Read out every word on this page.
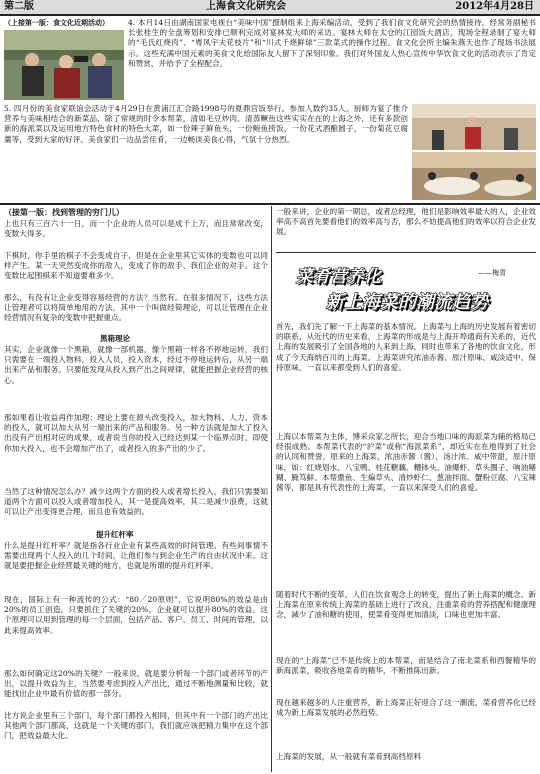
第二版	上海食文化研究会	2012年4月28日
（上接第一版：食文化近期活动）	4. 本月14日由湖南国家电视台“美味中国”摄制组来上海采编活动，受到了我们食文化研究会的热情接待，经常务副秘书长张桂生的全盘筹划和安排已顺利完成对宴林发大师的采访。宴林大师在太仓的江园饭大酒店，现场全程录制了宴大师的“毛氏红烧肉”、“粤风宇夫花枝片”和“川式千烧鲜球”三款菜式的操作过程。食文化会所主编朱燕天也作了现场书法展示。这些充满中国元素的美食文化给国际友人留下了深刻印象。我们对外国友人热心宣传中华饮食文化的活动表示了肯定和赞赏，并给予了全程配合。
5. 四月份的美食家联谊会活动于4月29日在黄浦江汇合路1998号的夏鼎宫饭举行。参加人数约35人。厨师为宴了推介营养与美味相结合的新菜品，除了常规的时令本帮菜，清如毛豆炒肉、清蒸鳜鱼这些实实在在的上海之外，还有多款创新的海派菜以及运用地方特色食材的特色大菜，如一份辣子鲜鱼头，一份鲍鱼捞饭，一份花式酒酿圆子，一份菊花豆腐羹等，受到大家的好评。美食家们一边品尝佳肴，一边畅谈美食心得，气氛十分热烈。
（接第一版：找到管理的穷门儿）
上也只有三百六十一日，而一个企业的人员可以是成千上万，而且常常改变，变数大得多。
下棋时，你手里的棋子不会变成自子，但是在企业里其它实体的变数也可以同样产生。某一天突然变成你的敌人，变成了你的敌手、我们企业的对手。这个变数比起围棋来不知道要难多少。
那么，有没有让企业变得容易经营的方法？当然有。在很多情况下，这些方法让管理者可以将简单地用的方法，其中一个叫做经简理论，可以让管理在企业经营情况有复杂的变数中把握重点。
黑箱理论
其实，企业就像一个黑箱，就像一部机器，像个黑箱一样各不停地运转，我们只需要在一端投入物料，投入人员，投入资本，经过不停地运转后，从另一端出来产品和服务。只要能发现从投入到产出之间规律，就能把握企业经营的核心。
那如果看让收益再作加理；理论上要在源头改变投入，加大物料、人力、资本的投入，就可以加大从另一端出来的产品和服务。另一种方法就是加大了投入出没有产出相对应的成果，或者说当你的投入已经达到某一个临界点时，即使你加大投入，也不会增加产出了，或者投入的多产出的少了。
当然了这种情况怎么办？减少这两个方面的投入或者增长投入，我们只需要知道两个方面可以投入或者增加投入，其一是提高效率，其二是减少浪费，这就可以让产出变得更合理，而且也有效益的。
提升红杆率
什么是提升红杆率？就是指各行业企业有某些高效的时间管理、有些间事情不需要出现两个人投入的几个时间，让他们参与到企业生产的自由状况中来。这就是要把握企业经营最关键的地方，也就是所谓的提升红杆率。
现在，国际上有一种流传的公式：“80／20原则”，它说明80%的效益是由20%的员工创造，只要抓住了关键的20%，企业就可以提升80%的效益。这个原理可以用到管理的每一个层面，包括产品、客户、员工、时间的管理，以此来提高效率。
那么如何确定这20%的关键？一般来说，就是要分析每一个部门或者环节的产出，以提升效益为主，当然要考虑到投入产出比，通过不断地测量和比较，就能找出企业中最有价值的那一部分。
比方说企业里有三个部门，每个部门都投入相同，但其中有一个部门的产出比其他两个部门都高，这就是一个关键的部门，我们就应该把精力集中在这个部门，把效益最大化。
一般来讲，企业的第一期总，或者总经理，他们是影响效率最大的人，企业效率高不高首先要看他们的效率高与否，那么不妨提高他们的效率以符合企业发展。
菜肴营养化	——梅青
新上海菜的潮流趋势
首先，我们先了解一下上海菜的基本情况。上海菜与上海的历史发展有着密切的联系，从近代的历史来看，上海菜的形成是与上海开埠通商有关系的，近代上海的发展吸引了全国各地的人来到上海，同时也带来了各地的饮食文化，形成了今天海纳百川的上海菜。上海菜讲究浓油赤酱、原汁原味、咸淡适中、保持原味，一直以来都受到人们的喜爱。
上海以本帮菜为主体，博采众家之所长，迎合当地口味的海派菜为辅的格局已经很成熟。本帮菜代表的“沪菜”或称“海派菜系”，却近实在在地得到了社会的认同和赞誉，原来的上海菜，浓油赤酱（酱）、汤汁浓、咸中带甜，原汁原味，如：红烧划水、八宝鸭、桂花糖藕、糟钵头、油爆虾、草头圈子、响油鳝糊、腌笃鲜、本帮熏鱼、生煸草头、清炒虾仁、葱油拌面、蟹粉豆腐、八宝辣酱等，都是具有代表性的上海菜，一直以来深受人们的喜爱。
随着时代不断的变革，人们在饮食观念上的转变，提出了新上海菜的概念。新上海菜在原来传统上海菜的基础上进行了改良，注重菜肴的营养搭配和健康理念，减少了油和糖的使用，使菜肴变得更加清淡，口味也更加丰富。
现在的“上海菜”已不是传统上的本帮菜，而是结合了南北菜系和西餐精华的新海派菜，吸收各地菜肴的精华，不断推陈出新。
现在越来越多的人注重营养，新上海菜正好迎合了这一潮流，菜肴营养化已经成为新上海菜发展的必然趋势。
上海菜的发展，从一般就有菜肴到高档原料
